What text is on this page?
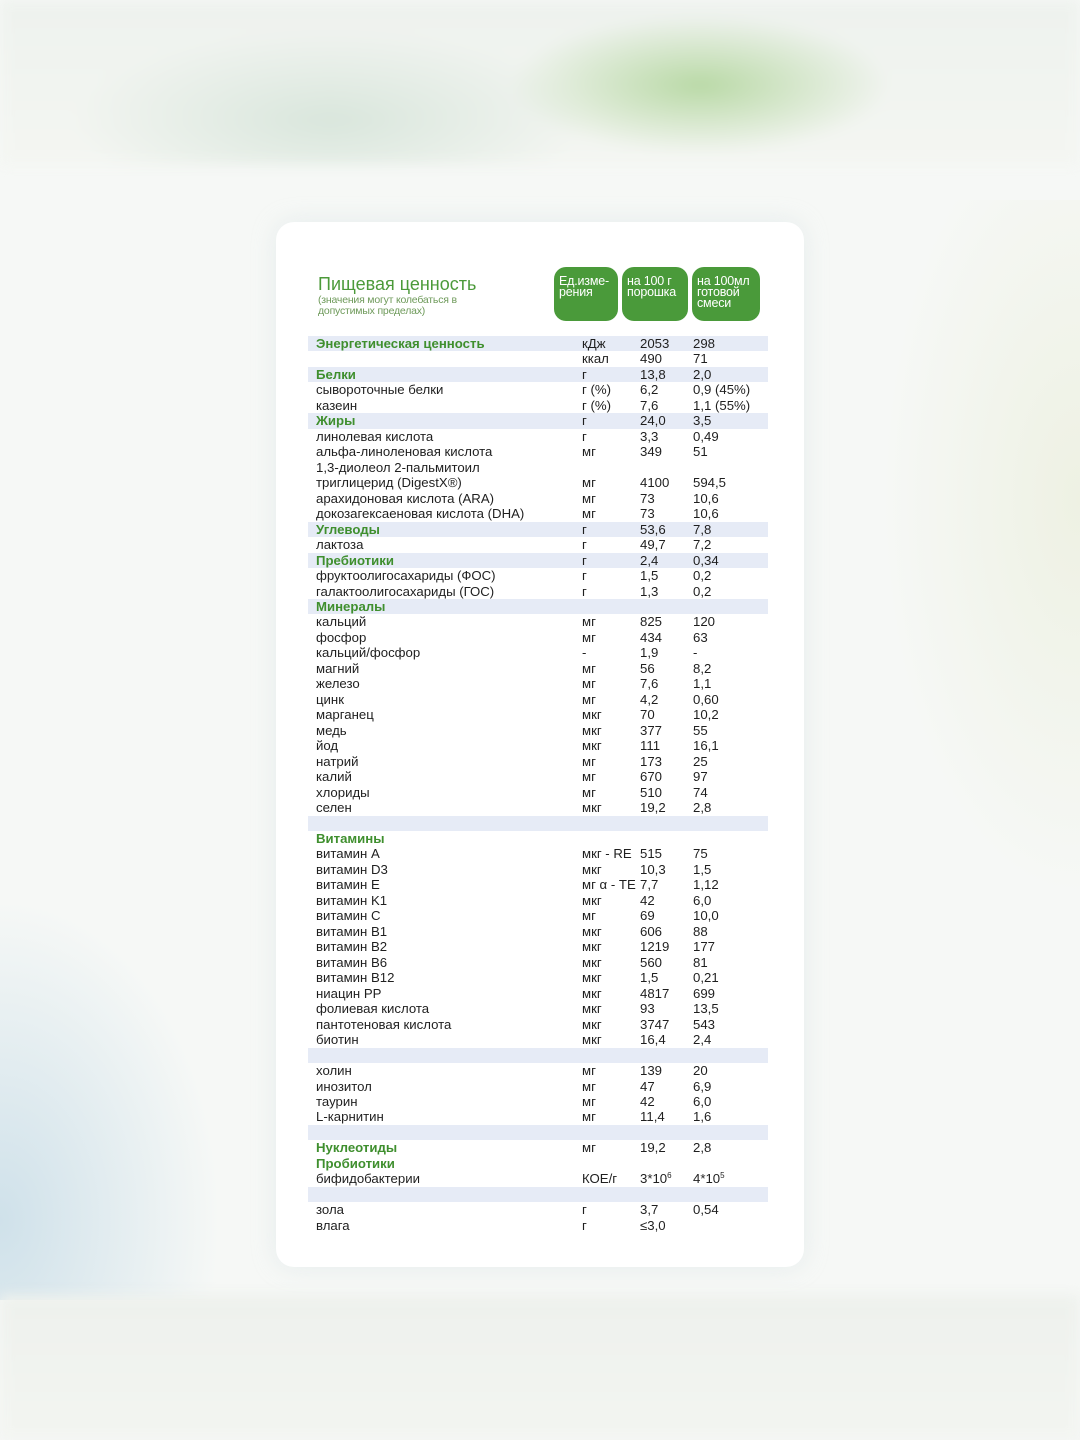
Пищевая ценность
(значения могут колебаться в допустимых пределах)
Ед.изме-
рения
на 100 г
порошка
на 100мл
готовой
смеси
Энергетическая ценность	кДж	2053 298
ккал 490 71
Белки	г	13,8 2,0
сывороточные белки	г (%) 6,2	0,9 (45%)
казеин	г (%) 7,6	1,1 (55%)
Жиры	г	24,0 3,5
линолевая кислота	г	3,3	0,49
альфа-линоленовая кислота	мг	349 51
1,3-диолеол 2-пальмитоил
триглицерид (DigestX®)	мг	4100 594,5
арахидоновая кислота (ARA)	мг	73	10,6
докозагексаеновая кислота (DHA)	мг	73	10,6
Углеводы	г	53,6 7,8
лактоза	г	49,7 7,2
Пребиотики	г	2,4	0,34
фруктоолигосахариды (ФОС)	г	1,5	0,2
галактоолигосахариды (ГОС)	г	1,3	0,2
Минералы
кальций	мг	825 120
фосфор	мг	434 63
кальций/фосфор	-	1,9	-
магний	мг	56	8,2
железо	мг	7,6	1,1
цинк	мг	4,2	0,60
марганец	мкг	70	10,2
медь	мкг	377 55
йод	мкг	111 16,1
натрий	мг	173 25
калий	мг	670 97
хлориды	мг	510 74
селен	мкг	19,2 2,8
Витамины
витамин A	мкг - RE 515 75
витамин D3	мкг	10,3 1,5
витамин E	мг α - TE 7,7	1,12
витамин K1	мкг	42	6,0
витамин C	мг	69	10,0
витамин B1	мкг	606 88
витамин B2	мкг	1219 177
витамин B6	мкг	560 81
витамин B12	мкг	1,5	0,21
ниацин PP	мкг	4817 699
фолиевая кислота	мкг	93	13,5
пантотеновая кислота	мкг	3747 543
биотин	мкг	16,4 2,4
холин	мг	139 20
инозитол	мг	47	6,9
таурин	мг	42	6,0
L-карнитин	мг	11,4 1,6
Нуклеотиды	мг	19,2 2,8
Пробиотики
бифидобактерии	КОЕ/г $3*10^6$ $4*10^5$
зола	г	3,7	0,54
влага	г	≤3,0
